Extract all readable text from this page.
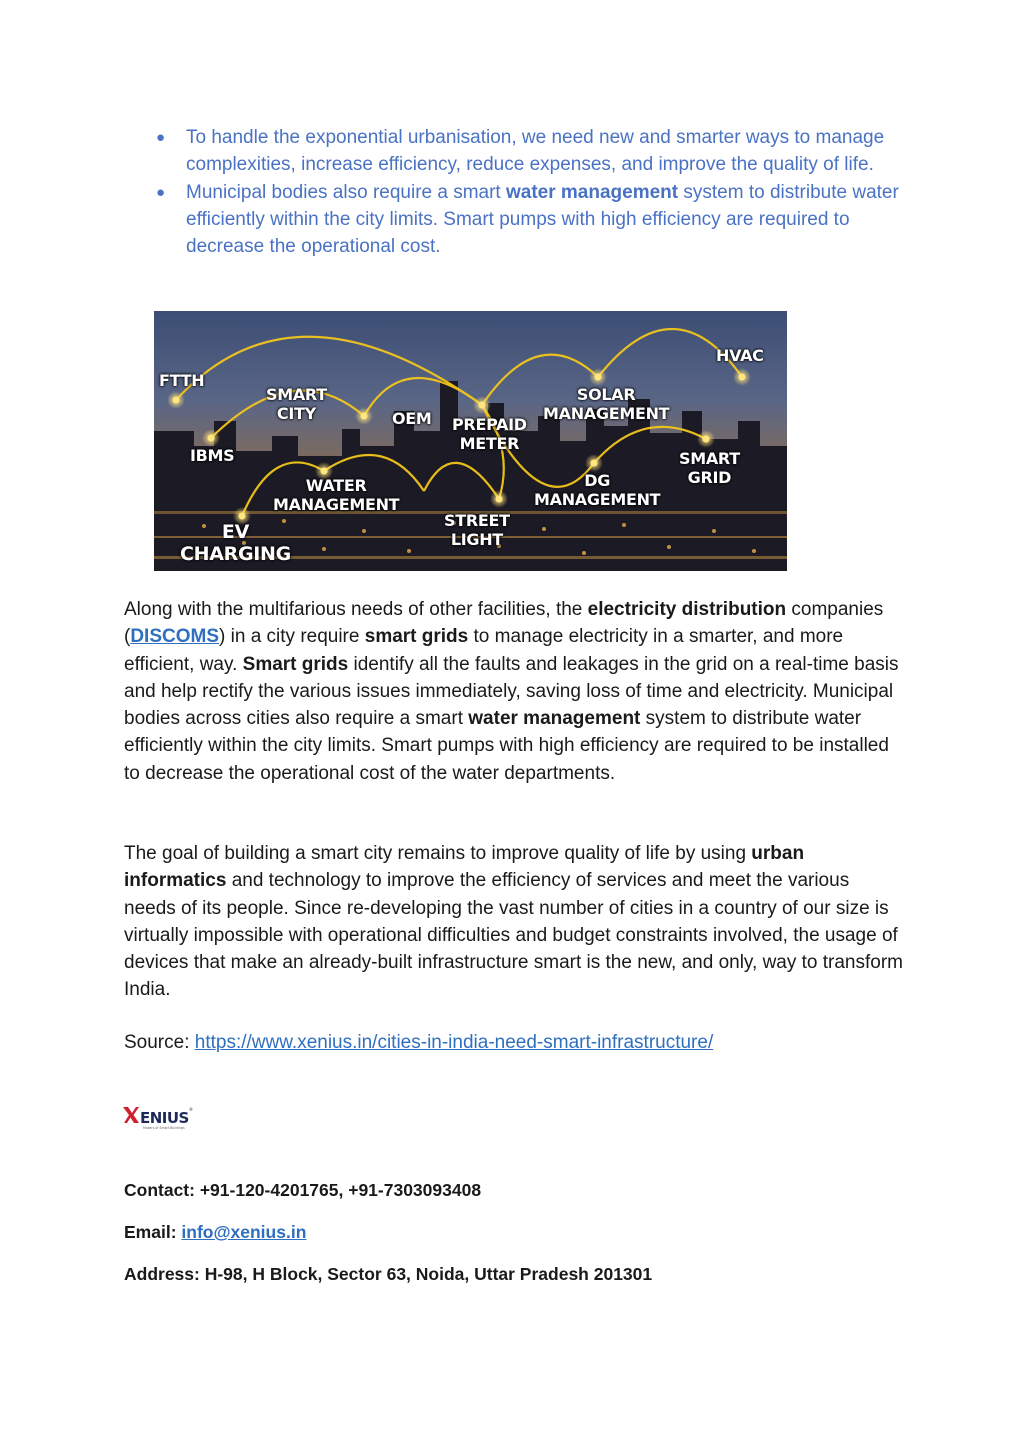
● To handle the exponential urbanisation, we need new and smarter ways to manage complexities, increase efficiency, reduce expenses, and improve the quality of life.
● Municipal bodies also require a smart water management system to distribute water efficiently within the city limits. Smart pumps with high efficiency are required to decrease the operational cost.
FTTH
SMART
CITY	OEM PREPAID
METER
SOLAR
MANAGEMENT
HVAC
IBMS
WATER
MANAGEMENT
DG
MANAGEMENT
SMART
GRID
EV
CHARGING
STREET
LIGHT

Along with the multifarious needs of other facilities, the electricity distribution companies (DISCOMS) in a city require smart grids to manage electricity in a smarter, and more efficient, way. Smart grids identify all the faults and leakages in the grid on a real-time basis and help rectify the various issues immediately, saving loss of time and electricity. Municipal bodies across cities also require a smart water management system to distribute water efficiently within the city limits. Smart pumps with high efficiency are required to be installed to decrease the operational cost of the water departments.

The goal of building a smart city remains to improve quality of life by using urban informatics and technology to improve the efficiency of services and meet the various needs of its people. Since re-developing the vast number of cities in a country of our size is virtually impossible with operational difficulties and budget constraints involved, the usage of devices that make an already-built infrastructure smart is the new, and only, way to transform India.

Source: https://www.xenius.in/cities-in-india-need-smart-infrastructure/

ENIUS ®
Makers of Smart Buildings

Contact: +91-120-4201765, +91-7303093408

Email: info@xenius.in

Address: H-98, H Block, Sector 63, Noida, Uttar Pradesh 201301
